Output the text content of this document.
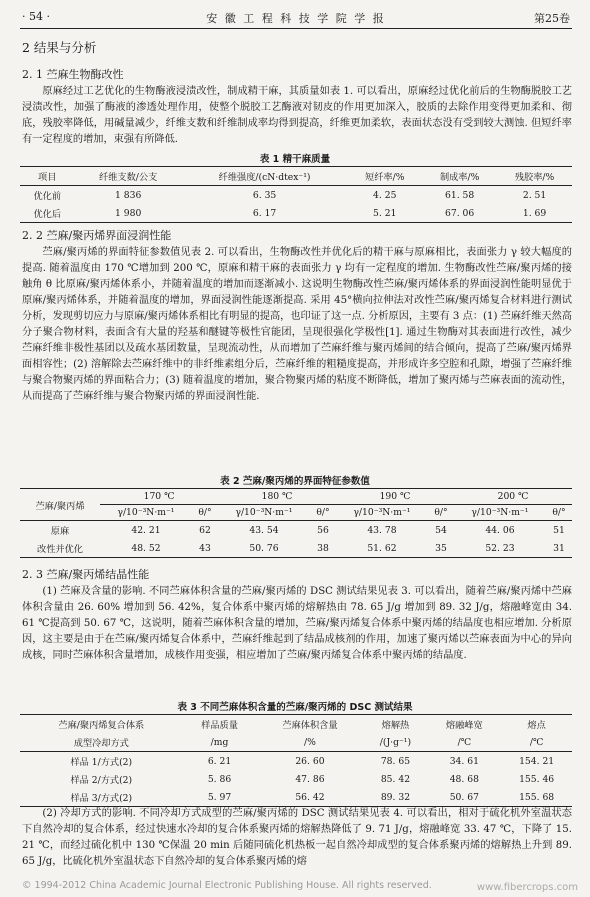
· 54 ·	安 徽 工 程 科 技 学 院 学 报	第25卷
2 结果与分析
2. 1 苎麻生物酶改性
原麻经过工艺优化的生物酶液浸渍改性，制成精干麻，其质量如表 1. 可以看出，原麻经过优化前后的生物酶脱胶工艺浸渍改性，加强了酶液的渗透处理作用，使整个脱胶工艺酶液对韧皮的作用更加深入，胶质的去除作用变得更加柔和、彻底，残胶率降低，用碱量减少，纤维支数和纤维制成率均得到提高，纤维更加柔软，表面状态没有受到较大测蚀. 但短纤率有一定程度的增加，束强有所降低.
表 1 精干麻质量
项目	纤维支数/公支	纤维强度/(cN·dtex⁻¹)	短纤率/%	制成率/%	残胶率/%
优化前	1 836	6. 35	4. 25	61. 58	2. 51
优化后	1 980	6. 17	5. 21	67. 06	1. 69
2. 2 苎麻/聚丙烯界面浸润性能
苎麻/聚丙烯的界面特征参数值见表 2. 可以看出，生物酶改性并优化后的精干麻与原麻相比，表面张力 γ 较大幅度的提高. 随着温度由 170 ℃增加到 200 ℃，原麻和精干麻的表面张力 γ 均有一定程度的增加. 生物酶改性苎麻/聚丙烯的接触角 θ 比原麻/聚丙烯体系小，并随着温度的增加而逐渐减小. 这说明生物酶改性苎麻/聚丙烯体系的界面浸润性能明显优于原麻/聚丙烯体系，并随着温度的增加，界面浸润性能逐渐提高. 采用 45°横向拉伸法对改性苎麻/聚丙烯复合材料进行测试分析，发现剪切应力与原麻/聚丙烯体系相比有明显的提高，也印证了这一点. 分析原因，主要有 3 点：(1) 苎麻纤维天然高分子聚合物材料，表面含有大量的羟基和醚键等极性官能团，呈现很强化学极性[1]. 通过生物酶对其表面进行改性，减少苎麻纤维非极性基团以及疏水基团数量，呈现流动性，从而增加了苎麻纤维与聚丙烯间的结合倾向，提高了苎麻/聚丙烯界面相容性；(2) 溶解除去苎麻纤维中的非纤维素组分后，苎麻纤维的粗糙度提高，并形成许多空腔和孔隙，增强了苎麻纤维与聚合物聚丙烯的界面粘合力；(3) 随着温度的增加，聚合物聚丙烯的粘度不断降低，增加了聚丙烯与苎麻表面的流动性，从而提高了苎麻纤维与聚合物聚丙烯的界面浸润性能.
表 2 苎麻/聚丙烯的界面特征参数值
苎麻/聚丙烯	170 ℃		180 ℃		190 ℃		200 ℃	
	γ/10⁻³N·m⁻¹	θ/°	γ/10⁻³N·m⁻¹	θ/°	γ/10⁻³N·m⁻¹	θ/°	γ/10⁻³N·m⁻¹	θ/°
原麻	42. 21	62	43. 54	56	43. 78	54	44. 06	51
改性并优化	48. 52	43	50. 76	38	51. 62	35	52. 23	31
2. 3 苎麻/聚丙烯结晶性能
(1) 苎麻及含量的影响. 不同苎麻体积含量的苎麻/聚丙烯的 DSC 测试结果见表 3. 可以看出，随着苎麻/聚丙烯中苎麻体积含量由 26. 60% 增加到 56. 42%，复合体系中聚丙烯的熔解热由 78. 65 J/g 增加到 89. 32 J/g，熔融峰宽由 34. 61 ℃提高到 50. 67 ℃，这说明，随着苎麻体积含量的增加，苎麻/聚丙烯复合体系中聚丙烯的结晶度也相应增加. 分析原因，这主要是由于在苎麻/聚丙烯复合体系中，苎麻纤维起到了结晶成核剂的作用，加速了聚丙烯以苎麻表面为中心的异向成核，同时苎麻体积含量增加，成核作用变强，相应增加了苎麻/聚丙烯复合体系中聚丙烯的结晶度.
表 3 不同苎麻体积含量的苎麻/聚丙烯的 DSC 测试结果
苎麻/聚丙烯复合体系	样品质量	苎麻体积含量	熔解热	熔融峰宽	熔点
成型冷却方式	/mg	/%	/(J·g⁻¹)	/℃	/℃
样品 1/方式(2)	6. 21	26. 60	78. 65	34. 61	154. 21
样品 2/方式(2)	5. 86	47. 86	85. 42	48. 68	155. 46
样品 3/方式(2)	5. 97	56. 42	89. 32	50. 67	155. 68
(2) 冷却方式的影响. 不同冷却方式成型的苎麻/聚丙烯的 DSC 测试结果见表 4. 可以看出，相对于硫化机外室温状态下自然冷却的复合体系，经过快速水冷却的复合体系聚丙烯的熔解热降低了 9. 71 J/g，熔融峰宽 33. 47 ℃，下降了 15. 21 ℃，而经过硫化机中 130 ℃保温 20 min 后随同硫化机热板一起自然冷却成型的复合体系聚丙烯的熔解热上升到 89. 65 J/g，比硫化机外室温状态下自然冷却的复合体系聚丙烯的熔
© 1994-2012 China Academic Journal Electronic Publishing House. All rights reserved.	www.fibercrops.com
